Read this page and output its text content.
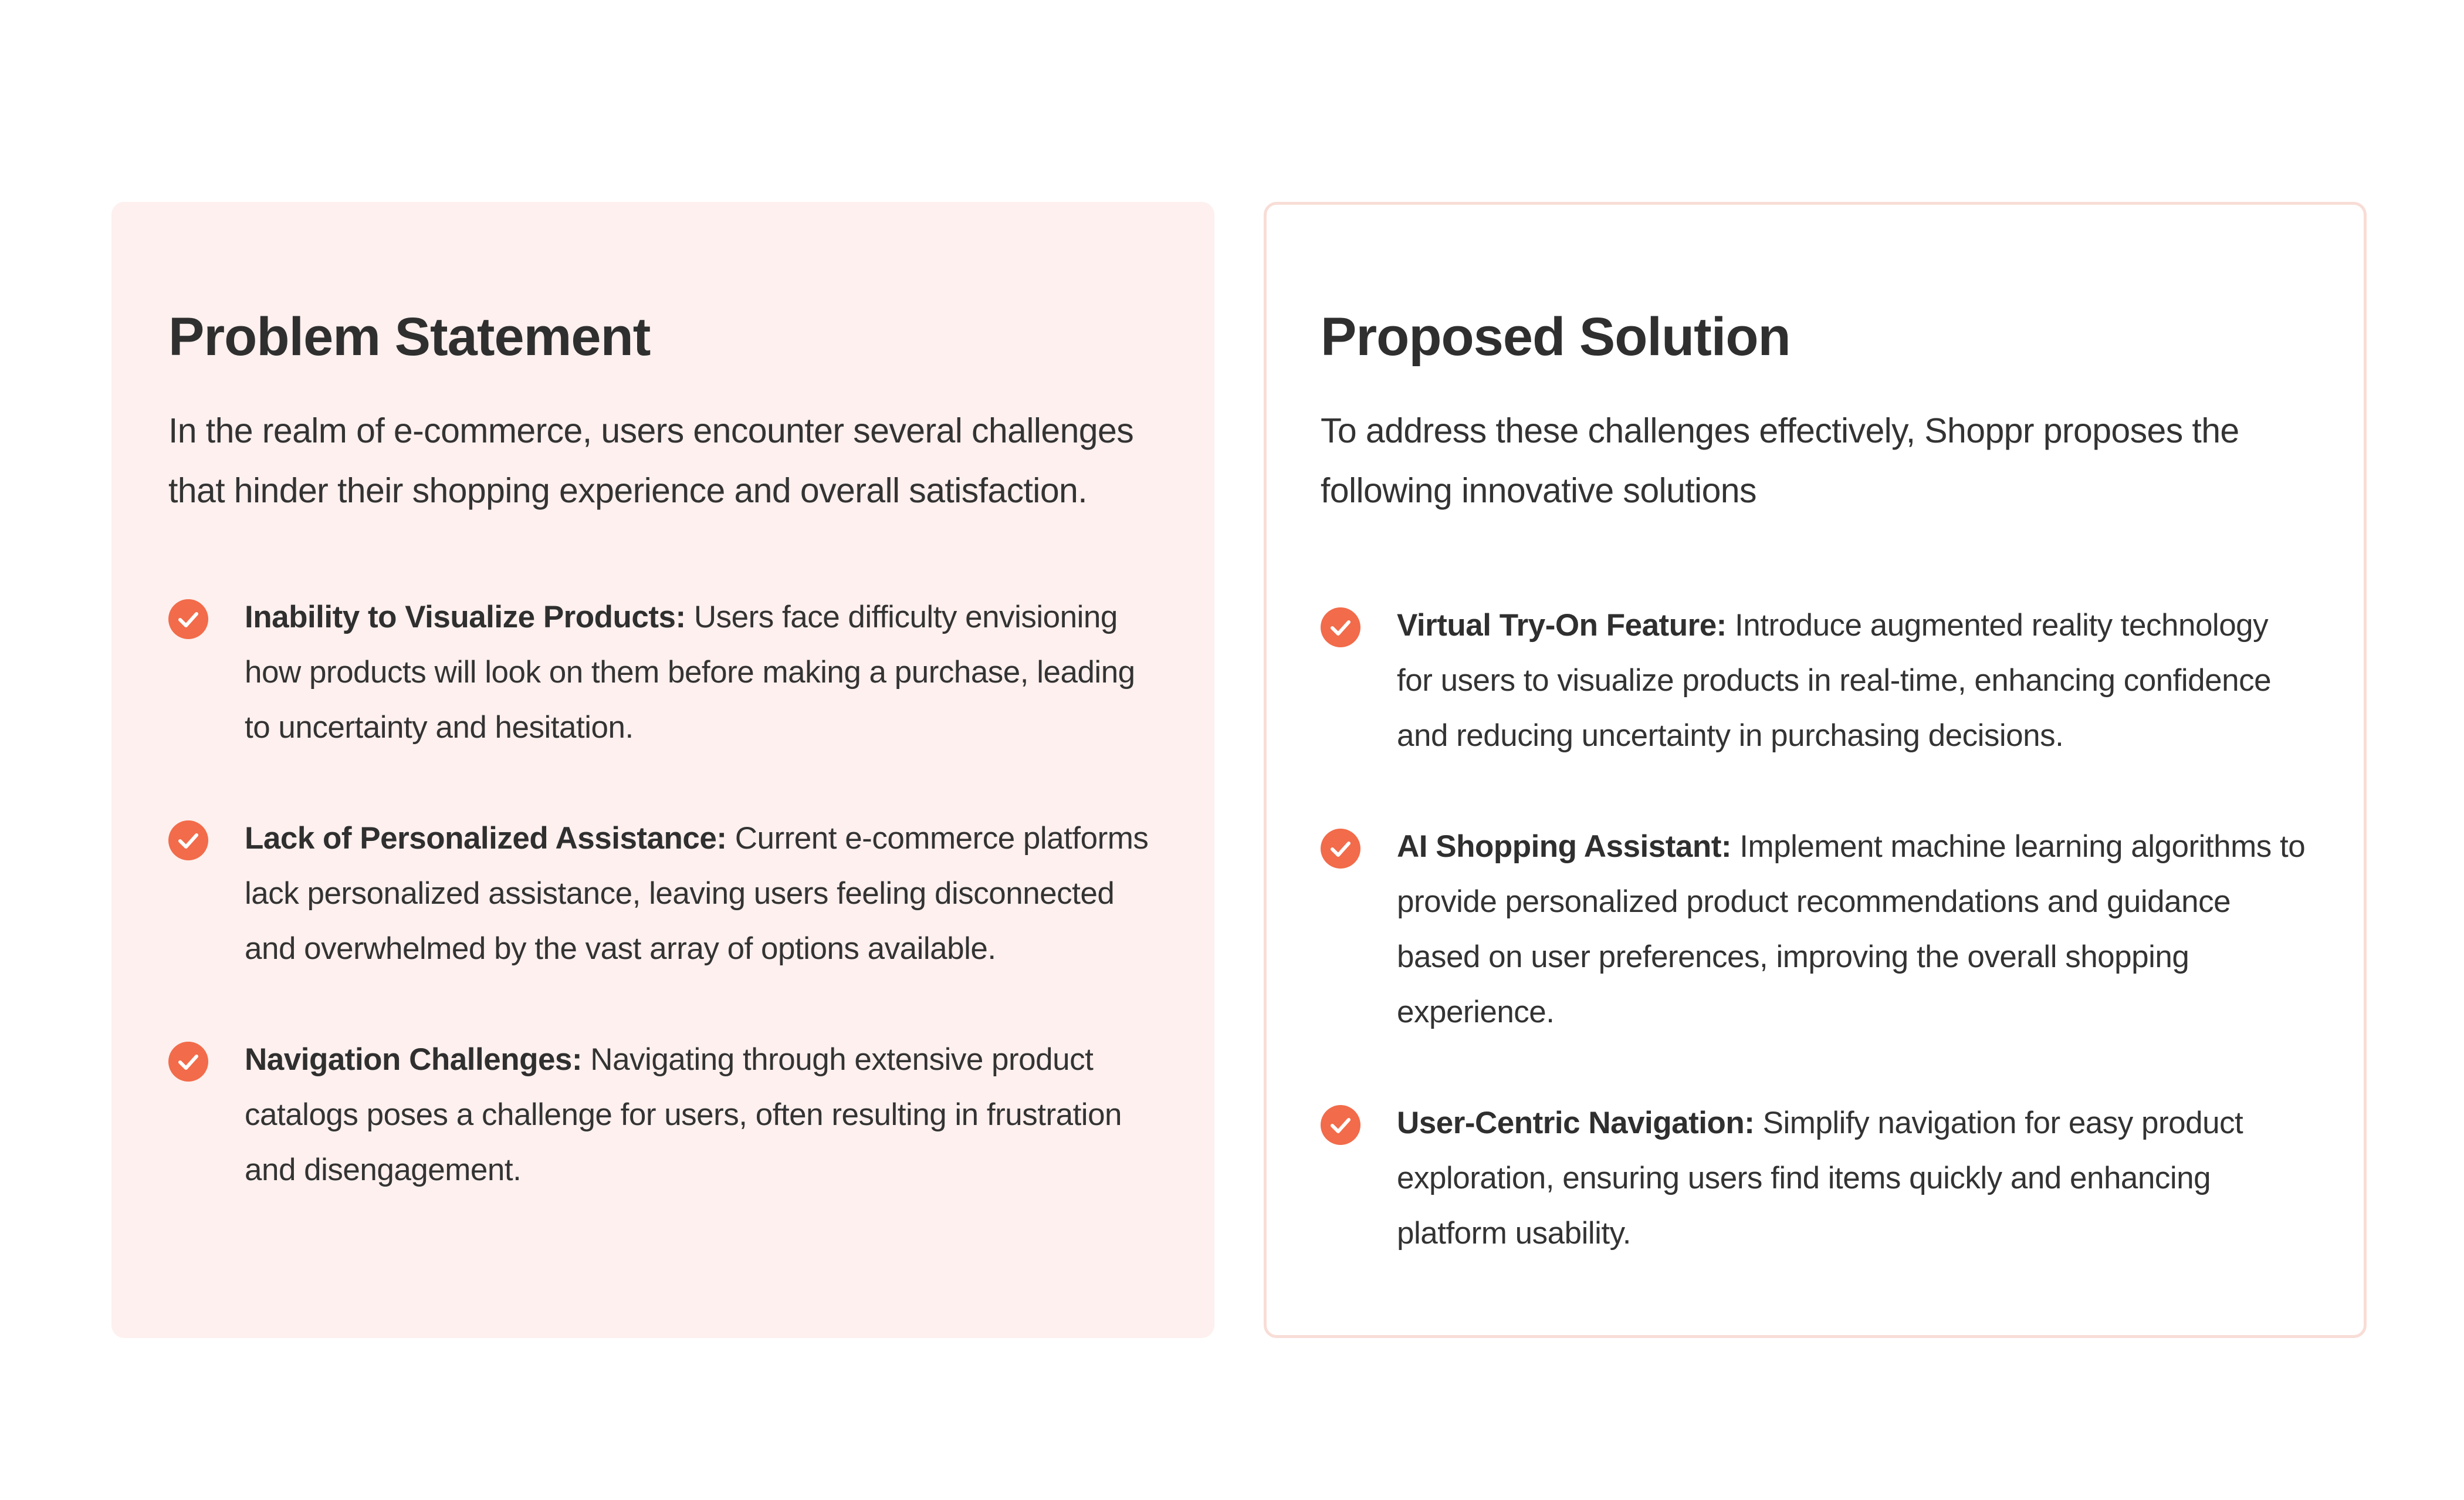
Problem Statement

In the realm of e-commerce, users encounter several challenges that hinder their shopping experience and overall satisfaction.

Inability to Visualize Products: Users face difficulty envisioning how products will look on them before making a purchase, leading to uncertainty and hesitation.
Lack of Personalized Assistance: Current e-commerce platforms lack personalized assistance, leaving users feeling disconnected and overwhelmed by the vast array of options available.
Navigation Challenges: Navigating through extensive product catalogs poses a challenge for users, often resulting in frustration and disengagement.
Proposed Solution

To address these challenges effectively, Shoppr proposes the following innovative solutions

Virtual Try-On Feature: Introduce augmented reality technology for users to visualize products in real-time, enhancing confidence and reducing uncertainty in purchasing decisions.
AI Shopping Assistant: Implement machine learning algorithms to provide personalized product recommendations and guidance based on user preferences, improving the overall shopping experience.
User-Centric Navigation: Simplify navigation for easy product exploration, ensuring users find items quickly and enhancing platform usability.
